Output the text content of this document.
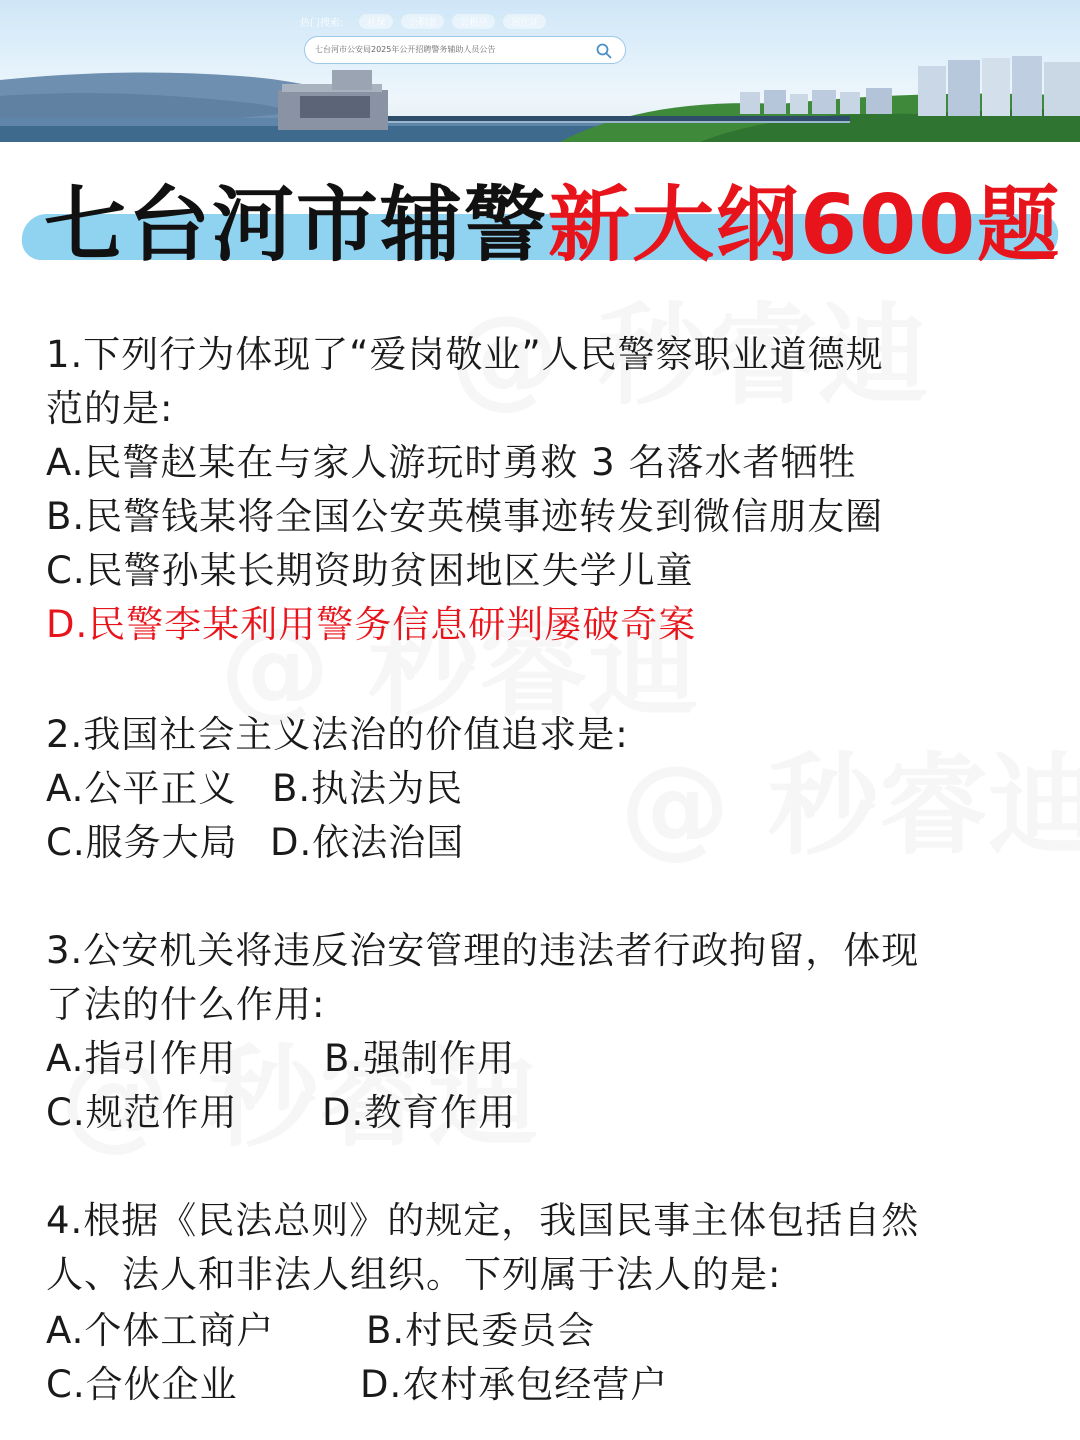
热门搜索:	社保	公积金	公租房	居住证
七台河市公安局2025年公开招聘警务辅助人员公告
七台河市辅警新大纲600题
1.下列行为体现了“爱岗敬业”人民警察职业道德规
范的是:
A.民警赵某在与家人游玩时勇救 3 名落水者牺牲
B.民警钱某将全国公安英模事迹转发到微信朋友圈
C.民警孙某长期资助贫困地区失学儿童
D.民警李某利用警务信息研判屡破奇案
2.我国社会主义法治的价值追求是:
A.公平正义 B.执法为民
C.服务大局 D.依法治国
3.公安机关将违反治安管理的违法者行政拘留，体现
了法的什么作用:
A.指引作用 B.强制作用
C.规范作用 D.教育作用
4.根据《民法总则》的规定，我国民事主体包括自然
人、法人和非法人组织。下列属于法人的是:
A.个体工商户 B.村民委员会
C.合伙企业	D.农村承包经营户
